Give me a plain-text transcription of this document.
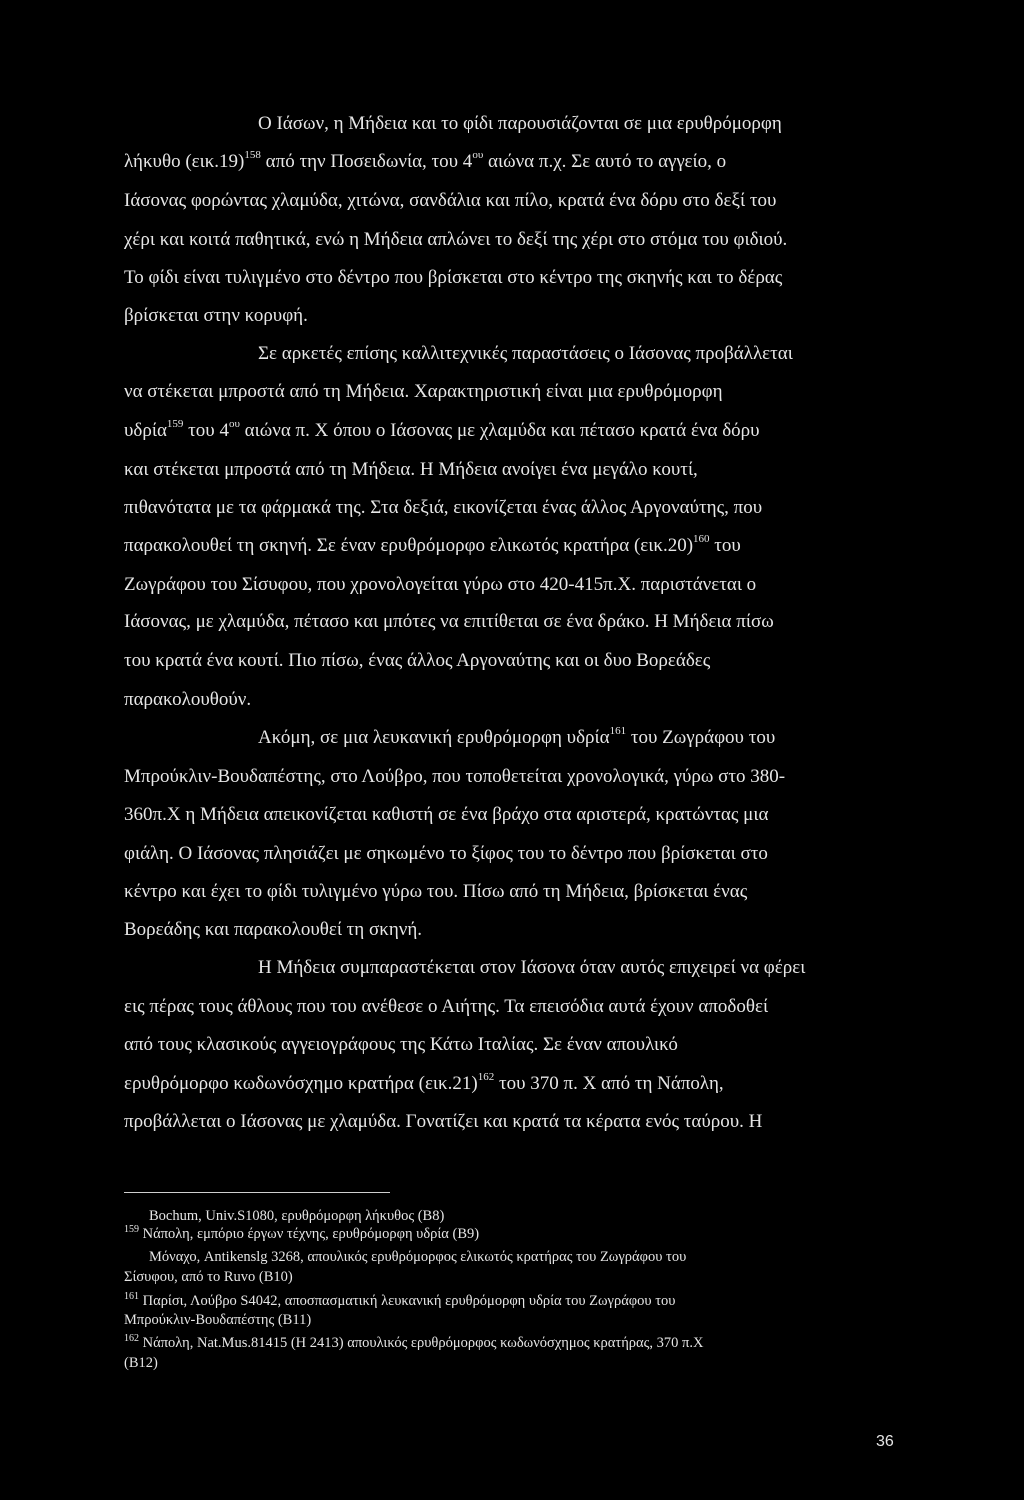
Ο Ιάσων, η Μήδεια και το φίδι παρουσιάζονται σε μια ερυθρόμορφη
λήκυθο $(\varepsilon\iota\kappa.19)^{158}$ από την Ποσειδωνία, του $4^{o\upsilon}$ αιώνα π.χ. Σε αυτό το αγγείο, ο
Ιάσονας φορώντας χλαμύδα, χιτώνα, σανδάλια και πίλο, κρατά ένα δόρυ στο δεξί του
χέρι και κοιτά παθητικά, ενώ η Μήδεια απλώνει το δεξί της χέρι στο στόμα του φιδιού.
Το φίδι είναι τυλιγμένο στο δέντρο που βρίσκεται στο κέντρο της σκηνής και το δέρας
βρίσκεται στην κορυφή.
Σε αρκετές επίσης καλλιτεχνικές παραστάσεις ο Ιάσονας προβάλλεται
να στέκεται μπροστά από τη Μήδεια. Χαρακτηριστική είναι μια ερυθρόμορφη
υδρία$^{159}$ του $4^{o\upsilon}$ αιώνα π. Χ όπου ο Ιάσονας με χλαμύδα και πέτασο κρατά ένα δόρυ
και στέκεται μπροστά από τη Μήδεια. Η Μήδεια ανοίγει ένα μεγάλο κουτί,
πιθανότατα με τα φάρμακά της. Στα δεξιά, εικονίζεται ένας άλλος Αργοναύτης, που
παρακολουθεί τη σκηνή. Σε έναν ερυθρόμορφο ελικωτός κρατήρα $(\varepsilon\iota\kappa.20)^{160}$ του
Ζωγράφου του Σίσυφου, που χρονολογείται γύρω στο 420-415π.Χ. παριστάνεται ο
Ιάσονας, με χλαμύδα, πέτασο και μπότες να επιτίθεται σε ένα δράκο. Η Μήδεια πίσω
του κρατά ένα κουτί. Πιο πίσω, ένας άλλος Αργοναύτης και οι δυο Βορεάδες
παρακολουθούν.
Ακόμη, σε μια λευκανική ερυθρόμορφη υδρία$^{161}$ του Ζωγράφου του
Μπρούκλιν-Βουδαπέστης, στο Λούβρο, που τοποθετείται χρονολογικά, γύρω στο 380-
360π.Χ η Μήδεια απεικονίζεται καθιστή σε ένα βράχο στα αριστερά, κρατώντας μια
φιάλη. Ο Ιάσονας πλησιάζει με σηκωμένο το ξίφος του το δέντρο που βρίσκεται στο
κέντρο και έχει το φίδι τυλιγμένο γύρω του. Πίσω από τη Μήδεια, βρίσκεται ένας
Βορεάδης και παρακολουθεί τη σκηνή.
Η Μήδεια συμπαραστέκεται στον Ιάσονα όταν αυτός επιχειρεί να φέρει
εις πέρας τους άθλους που του ανέθεσε ο Αιήτης. Τα επεισόδια αυτά έχουν αποδοθεί
από τους κλασικούς αγγειογράφους της Κάτω Ιταλίας. Σε έναν απουλικό
ερυθρόμορφο κωδωνόσχημο κρατήρα $(\varepsilon\iota\kappa.21)^{162}$ του 370 π. Χ από τη Νάπολη,
προβάλλεται ο Ιάσονας με χλαμύδα. Γονατίζει και κρατά τα κέρατα ενός ταύρου. Η
Bochum, Univ.S1080, ερυθρόμορφη λήκυθος (B8)
$^{159}$ Νάπολη, εμπόριο έργων τέχνης, ερυθρόμορφη υδρία (B9)
Μόναχο, Antikenslg 3268, απουλικός ερυθρόμορφος ελικωτός κρατήρας του Ζωγράφου του
Σίσυφου, από το Ruvo (B10)
$^{161}$ Παρίσι, Λούβρο S4042, αποσπασματική λευκανική ερυθρόμορφη υδρία του Ζωγράφου του
Μπρούκλιν-Βουδαπέστης (B11)
$^{162}$ Νάπολη, Nat.Mus.81415 (H 2413) απουλικός ερυθρόμορφος κωδωνόσχημος κρατήρας, 370 π.Χ
(B12)
36
